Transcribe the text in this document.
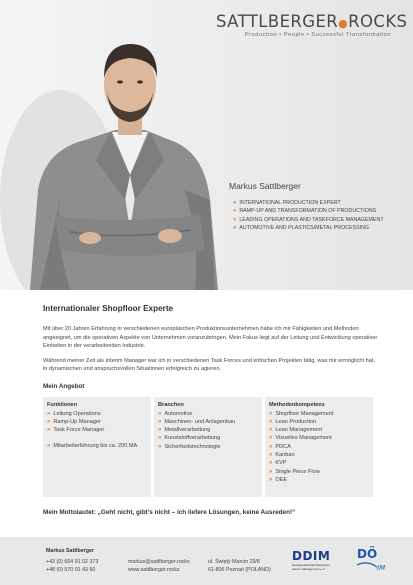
SATTLBERGER●ROCKS
Production • People • Successful Transformation
Markus Sattlberger
» INTERNATIONAL PRODUCTION EXPERT
» RAMP-UP AND TRANSFORMATION OF PRODUCTIONS
» LEADING OPERATIONS AND TASKFORCE MANAGEMENT
» AUTOMOTIVE AND PLASTICS/METAL PROCESSING
Internationaler Shopfloor Experte

Mit über 20 Jahren Erfahrung in verschiedenen europäischen Produktionsunternehmen habe ich mir Fähigkeiten und Methoden angeeignet, um die operativen Aspekte von Unternehmen voranzubringen. Mein Fokus liegt auf der Leitung und Entwicklung operativer Einheiten in der verarbeitenden Industrie.

Während meiner Zeit als Interim Manager war ich in verschiedenen Task Forces und kritischen Projekten tätig, was mir ermöglicht hat, in dynamischen und anspruchsvollen Situationen erfolgreich zu agieren.

Mein Angebot
Funktionen
» Leitung Operations
» Ramp-Up Manager
» Task Force Manager
» Mitarbeiterführung bis ca. 200 MA
Branchen
» Automotive
» Maschinen- und Anlagenbau
» Metallverarbeitung
» Kunststoffverarbeitung
» Sicherheitstechnologie
Methodenkompetenz
» Shopfloor Management
» Lean Production
» Lean Management
» Visuelles Management
» PDCA
» Kanban
» KVP
» Single Piece Flow
» OEE
Mein Mottolautet: „Geht nicht, gibt’s nicht – ich liefere Lösungen, keine Ausreden!“
Markus Sattlberger
+43 (0) 664 91 02 373
+48 (0) 570 01 43 60
markus@sattlberger.rocks
www.sattlberger.rocks
ul. Świętý Marcin 29/8
61-806 Poznań (POLAND)
DDIM
Dachgesellschaft Deutsches Interim Management e.V.
DÖ
IM
